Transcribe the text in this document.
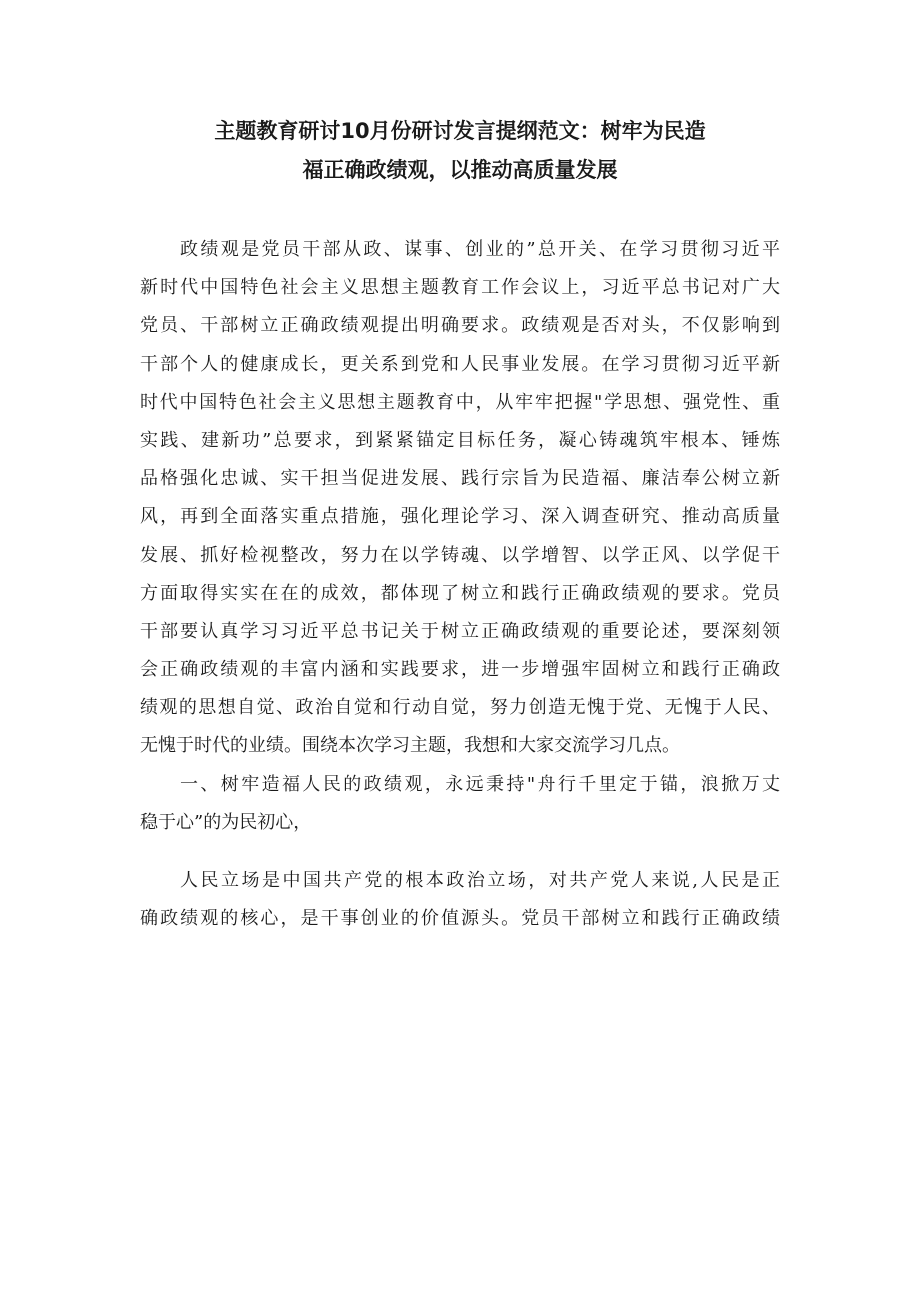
主题教育研讨10月份研讨发言提纲范文：树牢为民造
福正确政绩观，以推动高质量发展
政绩观是党员干部从政、谋事、创业的”总开关、在学习贯彻习近平
新时代中国特色社会主义思想主题教育工作会议上，习近平总书记对广大
党员、干部树立正确政绩观提出明确要求。政绩观是否对头，不仅影响到
干部个人的健康成长，更关系到党和人民事业发展。在学习贯彻习近平新
时代中国特色社会主义思想主题教育中，从牢牢把握"学思想、强党性、重
实践、建新功”总要求，到紧紧锚定目标任务，凝心铸魂筑牢根本、锤炼
品格强化忠诚、实干担当促进发展、践行宗旨为民造福、廉洁奉公树立新
风，再到全面落实重点措施，强化理论学习、深入调查研究、推动高质量
发展、抓好检视整改，努力在以学铸魂、以学增智、以学正风、以学促干
方面取得实实在在的成效，都体现了树立和践行正确政绩观的要求。党员
干部要认真学习习近平总书记关于树立正确政绩观的重要论述，要深刻领
会正确政绩观的丰富内涵和实践要求，进一步增强牢固树立和践行正确政
绩观的思想自觉、政治自觉和行动自觉，努力创造无愧于党、无愧于人民、
无愧于时代的业绩。围绕本次学习主题，我想和大家交流学习几点。
一、树牢造福人民的政绩观，永远秉持"舟行千里定于锚，浪掀万丈
稳于心”的为民初心，
人民立场是中国共产党的根本政治立场，对共产党人来说,人民是正
确政绩观的核心，是干事创业的价值源头。党员干部树立和践行正确政绩
